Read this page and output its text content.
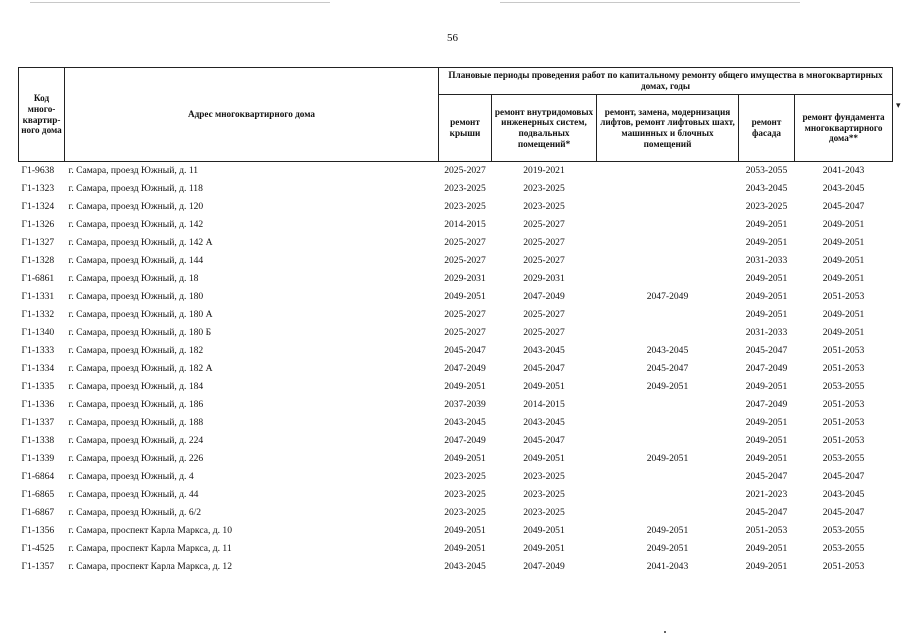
56
Код много-квартир-ного дома	Адрес многоквартирного дома	Плановые периоды проведения работ по капитальному ремонту общего имущества в многоквартирных домах, годы				
		ремонт крыши	ремонт внутридомовых инженерных систем, подвальных помещений*	ремонт, замена, модернизация лифтов, ремонт лифтовых шахт, машинных и блочных помещений	ремонт фасада	ремонт фундамента многоквартирного дома**
Г1-9638	г. Самара, проезд Южный, д. 11	2025-2027	2019-2021		2053-2055	2041-2043
Г1-1323	г. Самара, проезд Южный, д. 118	2023-2025	2023-2025		2043-2045	2043-2045
Г1-1324	г. Самара, проезд Южный, д. 120	2023-2025	2023-2025		2023-2025	2045-2047
Г1-1326	г. Самара, проезд Южный, д. 142	2014-2015	2025-2027		2049-2051	2049-2051
Г1-1327	г. Самара, проезд Южный, д. 142 А	2025-2027	2025-2027		2049-2051	2049-2051
Г1-1328	г. Самара, проезд Южный, д. 144	2025-2027	2025-2027		2031-2033	2049-2051
Г1-6861	г. Самара, проезд Южный, д. 18	2029-2031	2029-2031		2049-2051	2049-2051
Г1-1331	г. Самара, проезд Южный, д. 180	2049-2051	2047-2049	2047-2049	2049-2051	2051-2053
Г1-1332	г. Самара, проезд Южный, д. 180 А	2025-2027	2025-2027		2049-2051	2049-2051
Г1-1340	г. Самара, проезд Южный, д. 180 Б	2025-2027	2025-2027		2031-2033	2049-2051
Г1-1333	г. Самара, проезд Южный, д. 182	2045-2047	2043-2045	2043-2045	2045-2047	2051-2053
Г1-1334	г. Самара, проезд Южный, д. 182 А	2047-2049	2045-2047	2045-2047	2047-2049	2051-2053
Г1-1335	г. Самара, проезд Южный, д. 184	2049-2051	2049-2051	2049-2051	2049-2051	2053-2055
Г1-1336	г. Самара, проезд Южный, д. 186	2037-2039	2014-2015		2047-2049	2051-2053
Г1-1337	г. Самара, проезд Южный, д. 188	2043-2045	2043-2045		2049-2051	2051-2053
Г1-1338	г. Самара, проезд Южный, д. 224	2047-2049	2045-2047		2049-2051	2051-2053
Г1-1339	г. Самара, проезд Южный, д. 226	2049-2051	2049-2051	2049-2051	2049-2051	2053-2055
Г1-6864	г. Самара, проезд Южный, д. 4	2023-2025	2023-2025		2045-2047	2045-2047
Г1-6865	г. Самара, проезд Южный, д. 44	2023-2025	2023-2025		2021-2023	2043-2045
Г1-6867	г. Самара, проезд Южный, д. 6/2	2023-2025	2023-2025		2045-2047	2045-2047
Г1-1356	г. Самара, проспект Карла Маркса, д. 10	2049-2051	2049-2051	2049-2051	2051-2053	2053-2055
Г1-4525	г. Самара, проспект Карла Маркса, д. 11	2049-2051	2049-2051	2049-2051	2049-2051	2053-2055
Г1-1357	г. Самара, проспект Карла Маркса, д. 12	2043-2045	2047-2049	2041-2043	2049-2051	2051-2053
▾
